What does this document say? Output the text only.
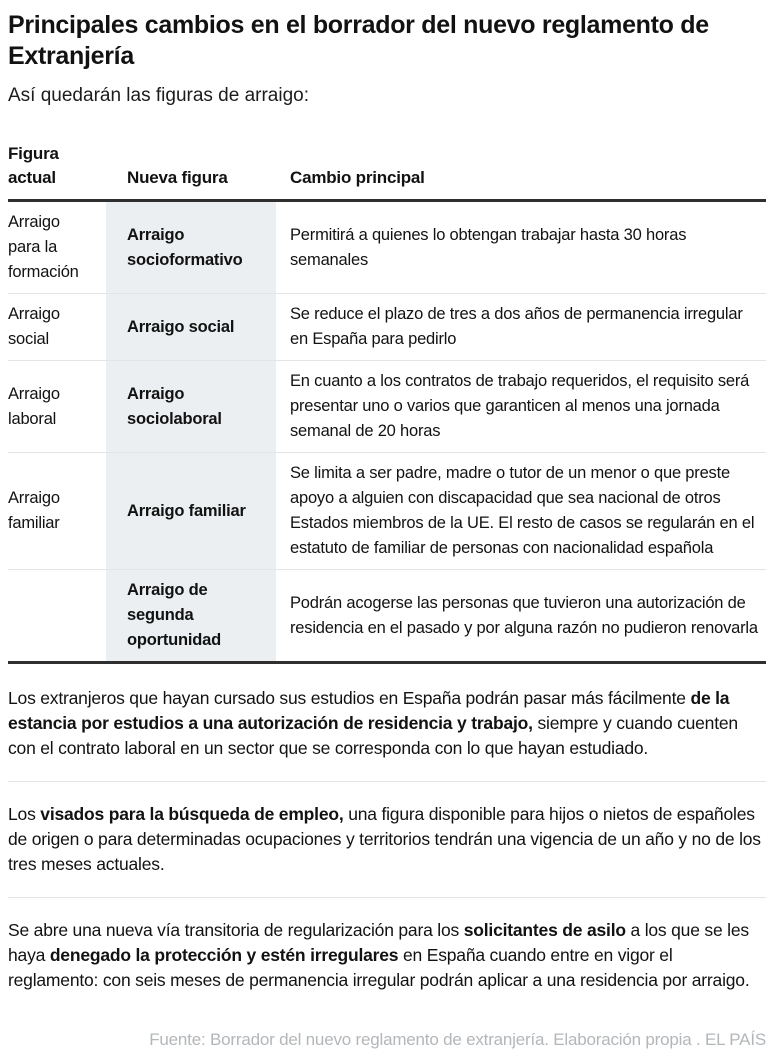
Principales cambios en el borrador del nuevo reglamento de Extranjería

Así quedarán las figuras de arraigo:

Figura actual	Nueva figura	Cambio principal
Arraigo para la formación
Arraigo socioformativo
Permitirá a quienes lo obtengan trabajar hasta 30 horas semanales
Arraigo social
Arraigo social
Se reduce el plazo de tres a dos años de permanencia irregular en España para pedirlo
Arraigo laboral
Arraigo sociolaboral
En cuanto a los contratos de trabajo requeridos, el requisito será presentar uno o varios que garanticen al menos una jornada semanal de 20 horas
Arraigo familiar
Arraigo familiar
Se limita a ser padre, madre o tutor de un menor o que preste apoyo a alguien con discapacidad que sea nacional de otros Estados miembros de la UE. El resto de casos se regularán en el estatuto de familiar de personas con nacionalidad española
Arraigo de segunda oportunidad
Podrán acogerse las personas que tuvieron una autorización de residencia en el pasado y por alguna razón no pudieron renovarla

Los extranjeros que hayan cursado sus estudios en España podrán pasar más fácilmente de la estancia por estudios a una autorización de residencia y trabajo, siempre y cuando cuenten con el contrato laboral en un sector que se corresponda con lo que hayan estudiado.

Los visados para la búsqueda de empleo, una figura disponible para hijos o nietos de españoles de origen o para determinadas ocupaciones y territorios tendrán una vigencia de un año y no de los tres meses actuales.

Se abre una nueva vía transitoria de regularización para los solicitantes de asilo a los que se les haya denegado la protección y estén irregulares en España cuando entre en vigor el reglamento: con seis meses de permanencia irregular podrán aplicar a una residencia por arraigo.

Fuente: Borrador del nuevo reglamento de extranjería. Elaboración propia . EL PAÍS
